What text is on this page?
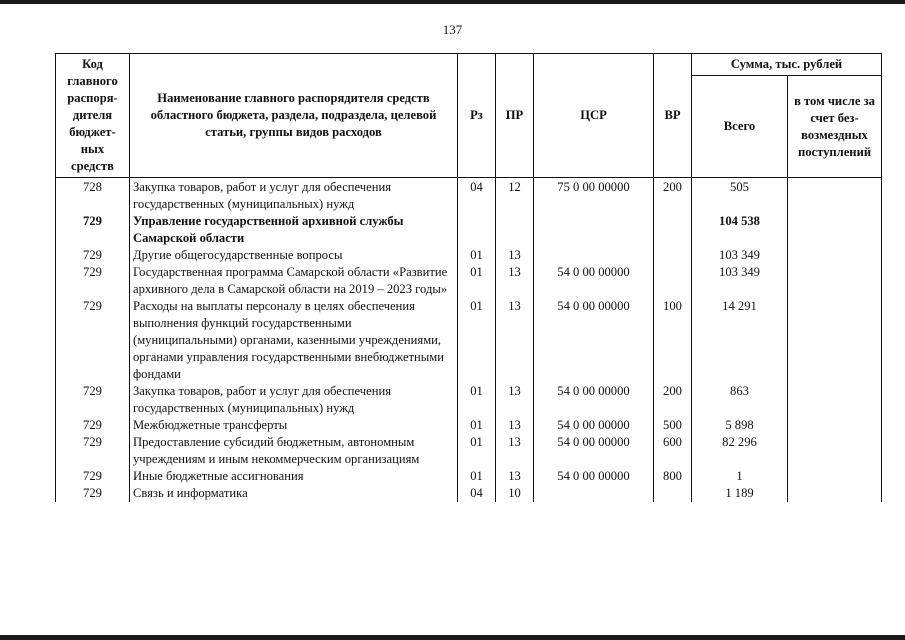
137
Код главного распоря-дителя бюджет-ных средств	Наименование главного распорядителя средств областного бюджета, раздела, подраздела, целевой статьи, группы видов расходов	Рз	ПР	ЦСР	ВР	Сумма, тыс. рублей	
						Всего	в том числе за счет без-возмездных поступлений
728	Закупка товаров, работ и услуг для обеспечения государственных (муниципальных) нужд	04	12	75 0 00 00000	200	505	
729	Управление государственной архивной службы Самарской области					104 538	
729	Другие общегосударственные вопросы	01	13			103 349	
729	Государственная программа Самарской области «Развитие архивного дела в Самарской области на 2019 – 2023 годы»	01	13	54 0 00 00000		103 349	
729	Расходы на выплаты персоналу в целях обеспечения выполнения функций государственными (муниципальными) органами, казенными учреждениями, органами управления государственными внебюджетными фондами	01	13	54 0 00 00000	100	14 291	
729	Закупка товаров, работ и услуг для обеспечения государственных (муниципальных) нужд	01	13	54 0 00 00000	200	863	
729	Межбюджетные трансферты	01	13	54 0 00 00000	500	5 898	
729	Предоставление субсидий бюджетным, автономным учреждениям и иным некоммерческим организациям	01	13	54 0 00 00000	600	82 296	
729	Иные бюджетные ассигнования	01	13	54 0 00 00000	800	1	
729	Связь и информатика	04	10			1 189	
